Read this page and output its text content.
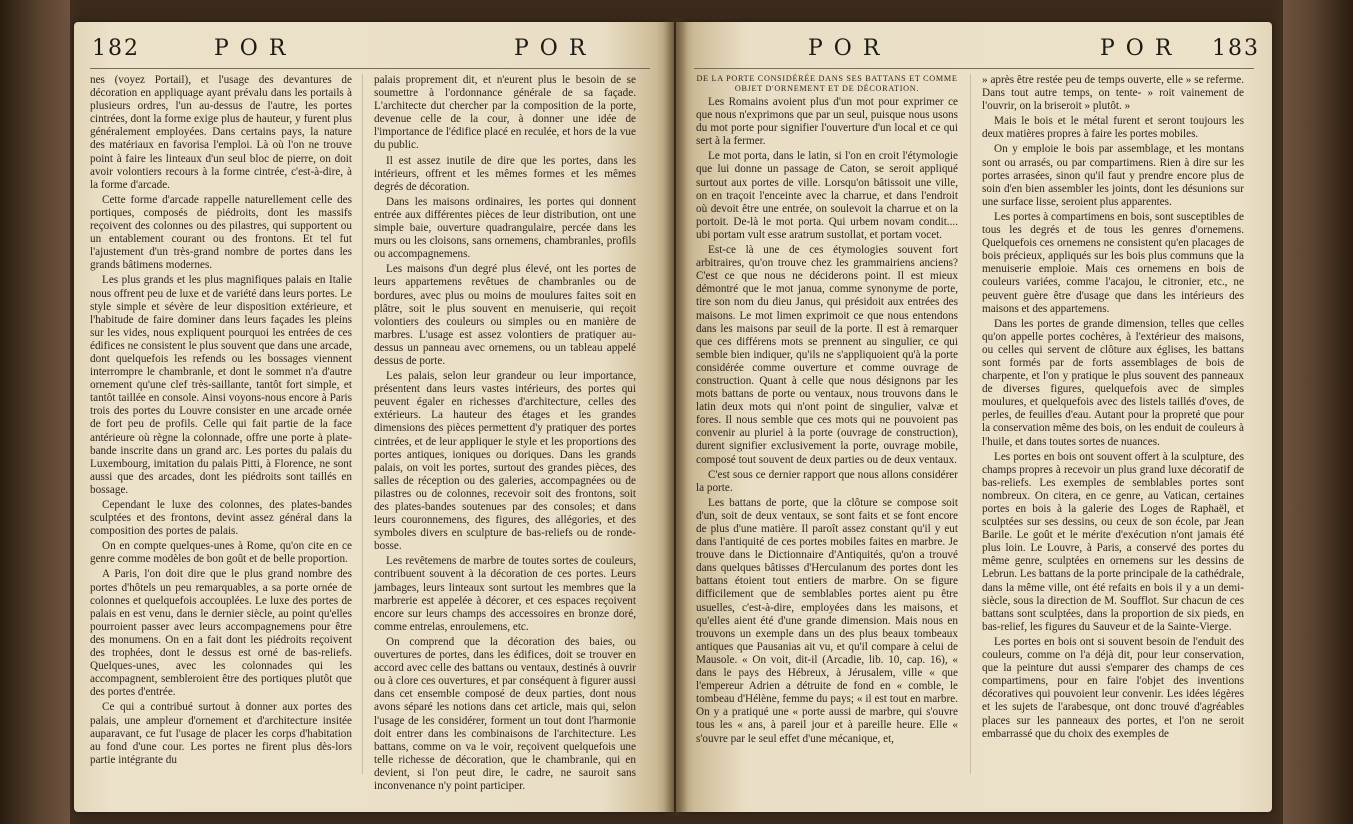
182	P O R	P O R

nes (voyez Portail), et l'usage des devantures de décoration en appliquage ayant prévalu dans les portails à plusieurs ordres, l'un au-dessus de l'autre, les portes cintrées, dont la forme exige plus de hauteur, y furent plus généralement employées. Dans certains pays, la nature des matériaux en favorisa l'emploi. Là où l'on ne trouve point à faire les linteaux d'un seul bloc de pierre, on doit avoir volontiers recours à la forme cintrée, c'est-à-dire, à la forme d'arcade.

Cette forme d'arcade rappelle naturellement celle des portiques, composés de piédroits, dont les massifs reçoivent des colonnes ou des pilastres, qui supportent ou un entablement courant ou des frontons. Et tel fut l'ajustement d'un très-grand nombre de portes dans les grands bâtimens modernes.

Les plus grands et les plus magnifiques palais en Italie nous offrent peu de luxe et de variété dans leurs portes. Le style simple et sévère de leur disposition extérieure, et l'habitude de faire dominer dans leurs façades les pleins sur les vides, nous expliquent pourquoi les entrées de ces édifices ne consistent le plus souvent que dans une arcade, dont quelquefois les refends ou les bossages viennent interrompre le chambranle, et dont le sommet n'a d'autre ornement qu'une clef très-saillante, tantôt fort simple, et tantôt taillée en console. Ainsi voyons-nous encore à Paris trois des portes du Louvre consister en une arcade ornée de fort peu de profils. Celle qui fait partie de la face antérieure où règne la colonnade, offre une porte à plate-bande inscrite dans un grand arc. Les portes du palais du Luxembourg, imitation du palais Pitti, à Florence, ne sont aussi que des arcades, dont les piédroits sont taillés en bossage.

Cependant le luxe des colonnes, des plates-bandes sculptées et des frontons, devint assez général dans la composition des portes de palais.

On en compte quelques-unes à Rome, qu'on cite en ce genre comme modèles de bon goût et de belle proportion.

A Paris, l'on doit dire que le plus grand nombre des portes d'hôtels un peu remarquables, a sa porte ornée de colonnes et quelquefois accouplées. Le luxe des portes de palais en est venu, dans le dernier siècle, au point qu'elles pourroient passer avec leurs accompagnemens pour être des monumens. On en a fait dont les piédroits reçoivent des trophées, dont le dessus est orné de bas-reliefs. Quelques-unes, avec les colonnades qui les accompagnent, sembleroient être des portiques plutôt que des portes d'entrée.

Ce qui a contribué surtout à donner aux portes des palais, une ampleur d'ornement et d'architecture insitée auparavant, ce fut l'usage de placer les corps d'habitation au fond d'une cour. Les portes ne firent plus dès-lors partie intégrante du

palais proprement dit, et n'eurent plus le besoin de se soumettre à l'ordonnance générale de sa façade. L'architecte dut chercher par la composition de la porte, devenue celle de la cour, à donner une idée de l'importance de l'édifice placé en reculée, et hors de la vue du public.

Il est assez inutile de dire que les portes, dans les intérieurs, offrent et les mêmes formes et les mêmes degrés de décoration.

Dans les maisons ordinaires, les portes qui donnent entrée aux différentes pièces de leur distribution, ont une simple baie, ouverture quadrangulaire, percée dans les murs ou les cloisons, sans ornemens, chambranles, profils ou accompagnemens.

Les maisons d'un degré plus élevé, ont les portes de leurs appartemens revêtues de chambranles ou de bordures, avec plus ou moins de moulures faites soit en plâtre, soit le plus souvent en menuiserie, qui reçoit volontiers des couleurs ou simples ou en manière de marbres. L'usage est assez volontiers de pratiquer au-dessus un panneau avec ornemens, ou un tableau appelé dessus de porte.

Les palais, selon leur grandeur ou leur importance, présentent dans leurs vastes intérieurs, des portes qui peuvent égaler en richesses d'architecture, celles des extérieurs. La hauteur des étages et les grandes dimensions des pièces permettent d'y pratiquer des portes cintrées, et de leur appliquer le style et les proportions des portes antiques, ioniques ou doriques. Dans les grands palais, on voit les portes, surtout des grandes pièces, des salles de réception ou des galeries, accompagnées ou de pilastres ou de colonnes, recevoir soit des frontons, soit des plates-bandes soutenues par des consoles; et dans leurs couronnemens, des figures, des allégories, et des symboles divers en sculpture de bas-reliefs ou de ronde-bosse.

Les revêtemens de marbre de toutes sortes de couleurs, contribuent souvent à la décoration de ces portes. Leurs jambages, leurs linteaux sont surtout les membres que la marbrerie est appelée à décorer, et ces espaces reçoivent encore sur leurs champs des accessoires en bronze doré, comme entrelas, enroulemens, etc.

On comprend que la décoration des baies, ou ouvertures de portes, dans les édifices, doit se trouver en accord avec celle des battans ou ventaux, destinés à ouvrir ou à clore ces ouvertures, et par conséquent à figurer aussi dans cet ensemble composé de deux parties, dont nous avons séparé les notions dans cet article, mais qui, selon l'usage de les considérer, forment un tout dont l'harmonie doit entrer dans les combinaisons de l'architecture. Les battans, comme on va le voir, reçoivent quelquefois une telle richesse de décoration, que le chambranle, qui en devient, si l'on peut dire, le cadre, ne sauroit sans inconvenance n'y point participer.

P O R	P O R 183

DE LA PORTE CONSIDÉRÉE DANS SES BATTANS ET COMME OBJET D'ORNEMENT ET DE DÉCORATION.

Les Romains avoient plus d'un mot pour exprimer ce que nous n'exprimons que par un seul, puisque nous usons du mot porte pour signifier l'ouverture d'un local et ce qui sert à la fermer.

Le mot porta, dans le latin, si l'on en croit l'étymologie que lui donne un passage de Caton, se seroit appliqué surtout aux portes de ville. Lorsqu'on bâtissoit une ville, on en traçoit l'enceinte avec la charrue, et dans l'endroit où devoit être une entrée, on soulevoit la charrue et on la portoit. De-là le mot porta. Qui urbem novam condit.... ubi portam vult esse aratrum sustollat, et portam vocet.

Est-ce là une de ces étymologies souvent fort arbitraires, qu'on trouve chez les grammairiens anciens? C'est ce que nous ne déciderons point. Il est mieux démontré que le mot janua, comme synonyme de porte, tire son nom du dieu Janus, qui présidoit aux entrées des maisons. Le mot limen exprimoit ce que nous entendons dans les maisons par seuil de la porte. Il est à remarquer que ces différens mots se prennent au singulier, ce qui semble bien indiquer, qu'ils ne s'appliquoient qu'à la porte considérée comme ouverture et comme ouvrage de construction. Quant à celle que nous désignons par les mots battans de porte ou ventaux, nous trouvons dans le latin deux mots qui n'ont point de singulier, valvæ et fores. Il nous semble que ces mots qui ne pouvoient pas convenir au pluriel à la porte (ouvrage de construction), durent signifier exclusivement la porte, ouvrage mobile, composé tout souvent de deux parties ou de deux ventaux.

C'est sous ce dernier rapport que nous allons considérer la porte.

Les battans de porte, que la clôture se compose soit d'un, soit de deux ventaux, se sont faits et se font encore de plus d'une matière. Il paroît assez constant qu'il y eut dans l'antiquité de ces portes mobiles faites en marbre. Je trouve dans le Dictionnaire d'Antiquités, qu'on a trouvé dans quelques bâtisses d'Herculanum des portes dont les battans étoient tout entiers de marbre. On se figure difficilement que de semblables portes aient pu être usuelles, c'est-à-dire, employées dans les maisons, et qu'elles aient été d'une grande dimension. Mais nous en trouvons un exemple dans un des plus beaux tombeaux antiques que Pausanias ait vu, et qu'il compare à celui de Mausole. « On voit, dit-il (Arcadie, lib. 10, cap. 16), « dans le pays des Hébreux, à Jérusalem, ville « que l'empereur Adrien a détruite de fond en « comble, le tombeau d'Hélène, femme du pays; « il est tout en marbre. On y a pratiqué une « porte aussi de marbre, qui s'ouvre tous les « ans, à pareil jour et à pareille heure. Elle « s'ouvre par le seul effet d'une mécanique, et,

» après être restée peu de temps ouverte, elle » se referme. Dans tout autre temps, on tente- » roit vainement de l'ouvrir, on la briseroit » plutôt. »

Mais le bois et le métal furent et seront toujours les deux matières propres à faire les portes mobiles.

On y emploie le bois par assemblage, et les montans sont ou arrasés, ou par compartimens. Rien à dire sur les portes arrasées, sinon qu'il faut y prendre encore plus de soin d'en bien assembler les joints, dont les désunions sur une surface lisse, seroient plus apparentes.

Les portes à compartimens en bois, sont susceptibles de tous les degrés et de tous les genres d'ornemens. Quelquefois ces ornemens ne consistent qu'en placages de bois précieux, appliqués sur les bois plus communs que la menuiserie emploie. Mais ces ornemens en bois de couleurs variées, comme l'acajou, le citronier, etc., ne peuvent guère être d'usage que dans les intérieurs des maisons et des appartemens.

Dans les portes de grande dimension, telles que celles qu'on appelle portes cochères, à l'extérieur des maisons, ou celles qui servent de clôture aux églises, les battans sont formés par de forts assemblages de bois de charpente, et l'on y pratique le plus souvent des panneaux de diverses figures, quelquefois avec de simples moulures, et quelquefois avec des listels taillés d'oves, de perles, de feuilles d'eau. Autant pour la propreté que pour la conservation même des bois, on les enduit de couleurs à l'huile, et dans toutes sortes de nuances.

Les portes en bois ont souvent offert à la sculpture, des champs propres à recevoir un plus grand luxe décoratif de bas-reliefs. Les exemples de semblables portes sont nombreux. On citera, en ce genre, au Vatican, certaines portes en bois à la galerie des Loges de Raphaël, et sculptées sur ses dessins, ou ceux de son école, par Jean Barile. Le goût et le mérite d'exécution n'ont jamais été plus loin. Le Louvre, à Paris, a conservé des portes du même genre, sculptées en ornemens sur les dessins de Lebrun. Les battans de la porte principale de la cathédrale, dans la même ville, ont été refaits en bois il y a un demi-siècle, sous la direction de M. Soufflot. Sur chacun de ces battans sont sculptées, dans la proportion de six pieds, en bas-relief, les figures du Sauveur et de la Sainte-Vierge.

Les portes en bois ont si souvent besoin de l'enduit des couleurs, comme on l'a déjà dit, pour leur conservation, que la peinture dut aussi s'emparer des champs de ces compartimens, pour en faire l'objet des inventions décoratives qui pouvoient leur convenir. Les idées légères et les sujets de l'arabesque, ont donc trouvé d'agréables places sur les panneaux des portes, et l'on ne seroit embarrassé que du choix des exemples de
